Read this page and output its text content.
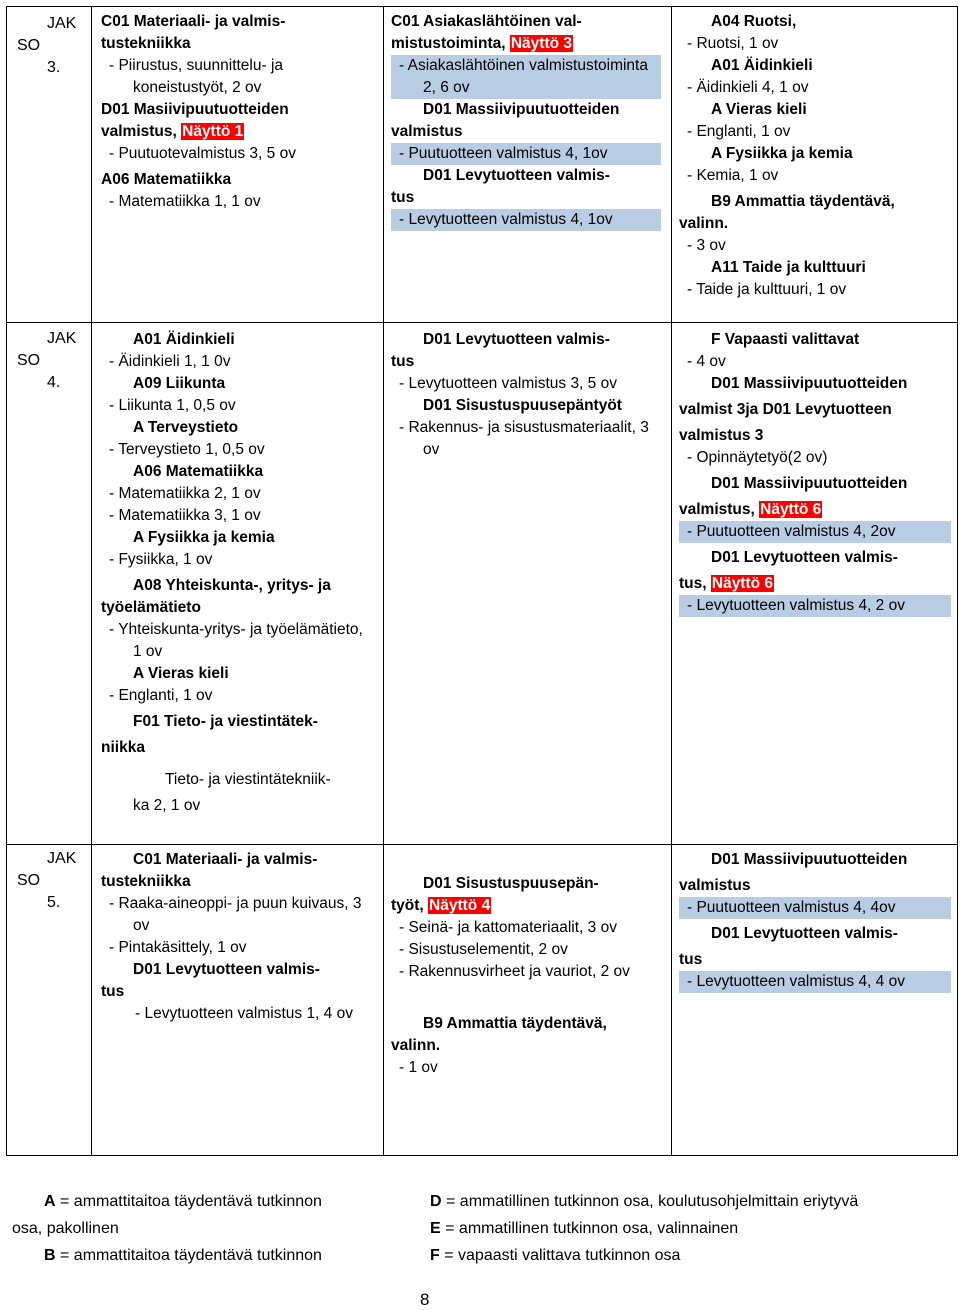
JAK
SO
3.
JAK
SO
4.
JAK
SO
5.
C01 Materiaali- ja valmis-
tustekniikka
- Piirustus, suunnittelu- ja koneistustyöt, 2 ov
D01 Masiivipuutuotteiden
valmistus, Näyttö 1
- Puutuotevalmistus 3, 5 ov
A06 Matematiikka
- Matematiikka 1, 1 ov
A01 Äidinkieli
- Äidinkieli 1, 1 0v
A09 Liikunta
- Liikunta 1, 0,5 ov
A Terveystieto
- Terveystieto 1, 0,5 ov
A06 Matematiikka
- Matematiikka 2, 1 ov
- Matematiikka 3, 1 ov
A Fysiikka ja kemia
- Fysiikka, 1 ov
A08 Yhteiskunta-, yritys- ja
työelämätieto
- Yhteiskunta-yritys- ja työelämätieto, 1 ov
A Vieras kieli
- Englanti, 1 ov
F01 Tieto- ja viestintätek-
niikka
Tieto- ja viestintätekniik-
ka 2, 1 ov
C01 Materiaali- ja valmis-
tustekniikka
- Raaka-aineoppi- ja puun kuivaus, 3 ov
- Pintakäsittely, 1 ov
D01 Levytuotteen valmis-
tus
- Levytuotteen valmistus 1, 4 ov
C01 Asiakaslähtöinen val-
mistustoiminta, Näyttö 3
- Asiakaslähtöinen valmistustoiminta 2, 6 ov
D01 Massiivipuutuotteiden
valmistus
- Puutuotteen valmistus 4, 1ov
D01 Levytuotteen valmis-
tus
- Levytuotteen valmistus 4, 1ov
D01 Levytuotteen valmis-
tus
- Levytuotteen valmistus 3, 5 ov
D01 Sisustuspuusepäntyöt
- Rakennus- ja sisustusmateriaalit, 3 ov
D01 Sisustuspuusepän-
työt, Näyttö 4
- Seinä- ja kattomateriaalit, 3 ov
- Sisustuselementit, 2 ov
- Rakennusvirheet ja vauriot, 2 ov
B9 Ammattia täydentävä,
valinn.
- 1 ov
A04 Ruotsi,
- Ruotsi, 1 ov
A01 Äidinkieli
- Äidinkieli 4, 1 ov
A Vieras kieli
- Englanti, 1 ov
A Fysiikka ja kemia
- Kemia, 1 ov
B9 Ammattia täydentävä,
valinn.
- 3 ov
A11 Taide ja kulttuuri
- Taide ja kulttuuri, 1 ov
F Vapaasti valittavat
- 4 ov
D01 Massiivipuutuotteiden
valmist 3ja D01 Levytuotteen
valmistus 3
- Opinnäytetyö(2 ov)
D01 Massiivipuutuotteiden
valmistus, Näyttö 6
- Puutuotteen valmistus 4, 2ov
D01 Levytuotteen valmis-
tus, Näyttö 6
- Levytuotteen valmistus 4, 2 ov
D01 Massiivipuutuotteiden
valmistus
- Puutuotteen valmistus 4, 4ov
D01 Levytuotteen valmis-
tus
- Levytuotteen valmistus 4, 4 ov
A = ammattitaitoa täydentävä tutkinnon
osa, pakollinen
B = ammattitaitoa täydentävä tutkinnon
D = ammatillinen tutkinnon osa, koulutusohjelmittain eriytyvä
E = ammatillinen tutkinnon osa, valinnainen
F = vapaasti valittava tutkinnon osa
8
